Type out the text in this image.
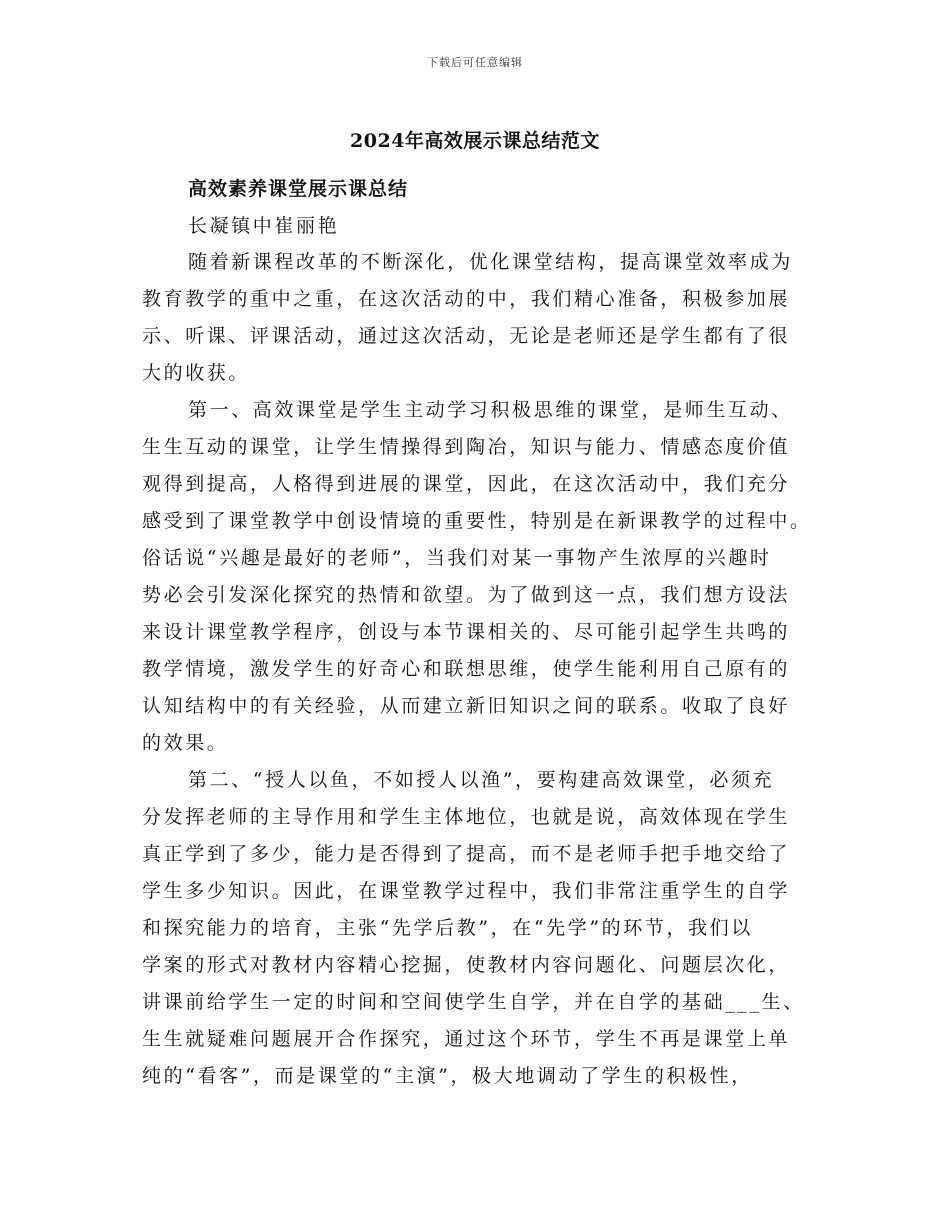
下载后可任意编辑
2024年高效展示课总结范文
高效素养课堂展示课总结
长凝镇中崔丽艳
随着新课程改革的不断深化，优化课堂结构，提高课堂效率成为
教育教学的重中之重，在这次活动的中，我们精心准备，积极参加展
示、听课、评课活动，通过这次活动，无论是老师还是学生都有了很
大的收获。
第一、高效课堂是学生主动学习积极思维的课堂，是师生互动、
生生互动的课堂，让学生情操得到陶冶，知识与能力、情感态度价值
观得到提高，人格得到进展的课堂，因此，在这次活动中，我们充分
感受到了课堂教学中创设情境的重要性，特别是在新课教学的过程中。
俗话说“兴趣是最好的老师”，当我们对某一事物产生浓厚的兴趣时
势必会引发深化探究的热情和欲望。为了做到这一点，我们想方设法
来设计课堂教学程序，创设与本节课相关的、尽可能引起学生共鸣的
教学情境，激发学生的好奇心和联想思维，使学生能利用自己原有的
认知结构中的有关经验，从而建立新旧知识之间的联系。收取了良好
的效果。
第二、“授人以鱼，不如授人以渔”，要构建高效课堂，必须充
分发挥老师的主导作用和学生主体地位，也就是说，高效体现在学生
真正学到了多少，能力是否得到了提高，而不是老师手把手地交给了
学生多少知识。因此，在课堂教学过程中，我们非常注重学生的自学
和探究能力的培育，主张“先学后教”，在“先学”的环节，我们以
学案的形式对教材内容精心挖掘，使教材内容问题化、问题层次化，
讲课前给学生一定的时间和空间使学生自学，并在自学的基础___生、
生生就疑难问题展开合作探究，通过这个环节，学生不再是课堂上单
纯的“看客”，而是课堂的“主演”，极大地调动了学生的积极性，
